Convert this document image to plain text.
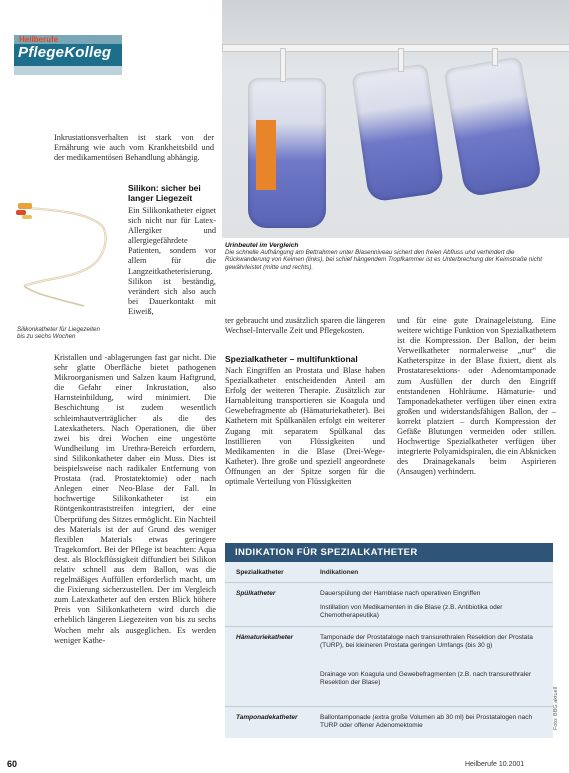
Heilberufe
PflegeKolleg

Inkrustationsverhalten ist stark von der Ernährung wie auch vom Krankheitsbild und der medikamentösen Behandlung abhängig.

Silikonkatheter für Liegezeiten bis zu sechs Wochen
Silikon: sicher bei langer Liegezeit

Ein Silikonkatheter eignet sich nicht nur für Latex-Allergiker und allergiegefährdete Patienten, sondern vor allem für die Langzeitkatheterisierung. Silikon ist beständig, verändert sich also auch bei Dauerkontakt mit Eiweiß,

Kristallen und -ablagerungen fast gar nicht. Die sehr glatte Oberfläche bietet pathogenen Mikroorganismen und Salzen kaum Haftgrund, die Gefahr einer Inkrustation, also Harnsteinbildung, wird minimiert. Die Beschichtung ist zudem wesentlich schleimhautverträglicher als die des Latexkatheters. Nach Operationen, die über zwei bis drei Wochen eine ungestörte Wundheilung im Urethra-Bereich erfordern, sind Silikonkatheter daher ein Muss. Dies ist beispielsweise nach radikaler Entfernung von Prostata (rad. Prostatektomie) oder nach Anlegen einer Neo-Blase der Fall. In hochwertige Silikonkatheter ist ein Röntgenkontraststreifen integriert, der eine Überprüfung des Sitzes ermöglicht. Ein Nachteil des Materials ist der auf Grund des weniger flexiblen Materials etwas geringere Tragekomfort. Bei der Pflege ist beachten: Aqua dest. als Blockflüssigkeit diffundiert bei Silikon relativ schnell aus dem Ballon, was die regelmäßiges Auffüllen erforderlich macht, um die Fixierung sicherzustellen. Der im Vergleich zum Latexkatheter auf den ersten Blick höhere Preis von Silikonkathetern wird durch die erheblich längeren Liegezeiten von bis zu sechs Wochen mehr als ausgeglichen. Es werden weniger Kathe-

Urinbeutel im Vergleich
Die schnelle Aufhängung am Bettrahmen unter Blasenniveau sichert den freien Abfluss und verhindert die Rückwanderung von Keimen (links), bei schief hängendem Tropfkammer ist es Unterbrechung der Keimstraße nicht gewährleistet (mitte und rechts).

ter gebraucht und zusätzlich sparen die längeren Wechsel-Intervalle Zeit und Pflegekosten.

Spezialkatheter – multifunktional

Nach Eingriffen an Prostata und Blase haben Spezialkatheter entscheidenden Anteil am Erfolg der weiteren Therapie. Zusätzlich zur Harnableitung transportieren sie Koagula und Gewebefragmente ab (Hämaturiekatheter). Bei Kathetern mit Spülkanälen erfolgt ein weiterer Zugang mit separatem Spülkanal das Instillieren von Flüssigkeiten und Medikamenten in die Blase (Drei-Wege-Katheter). Ihre große und speziell angeordnete Öffnungen an der Spitze sorgen für die optimale Verteilung von Flüssigkeiten

und für eine gute Drainageleistung. Eine weitere wichtige Funktion von Spezialkathetern ist die Kompression. Der Ballon, der beim Verweilkatheter normalerweise „nur“ die Katheterspitze in der Blase fixiert, dient als Prostataresektions- oder Adenomtamponade zum Ausfüllen der durch den Eingriff entstandenen Hohlräume. Hämaturie- und Tamponadekatheter verfügen über einen extra großen und widerstandsfähigen Ballon, der – korrekt platziert – durch Kompression der Gefäße Blutungen vermeiden oder stillen. Hochwertige Spezialkatheter verfügen über integrierte Polyamidspiralen, die ein Abknicken des Drainagekanals beim Aspirieren (Ansaugen) verhindern.

INDIKATION FÜR SPEZIALKATHETER
Spezialkatheter	Indikationen
Spülkatheter	Dauerspülung der Harnblase nach operativen Eingriffen
Instillation von Medikamenten in die Blase (z.B. Antibiotika oder Chemotherapeutika)
Hämaturiekatheter	Tamponade der Prostataloge nach transurethralen Resektion der Prostata (TURP), bei kleineren Prostata geringen Umfangs (bis 30 g)
Drainage von Koagula und Gewebefragmenten (z.B. nach transurethraler Resektion der Blase)
Tamponadekatheter	Ballontamponade (extra große Volumen ab 30 ml) bei Prostatalogen nach TURP oder offener Adenomektomie	Foto: BBG aktuell
60	Heilberufe 10.2001
